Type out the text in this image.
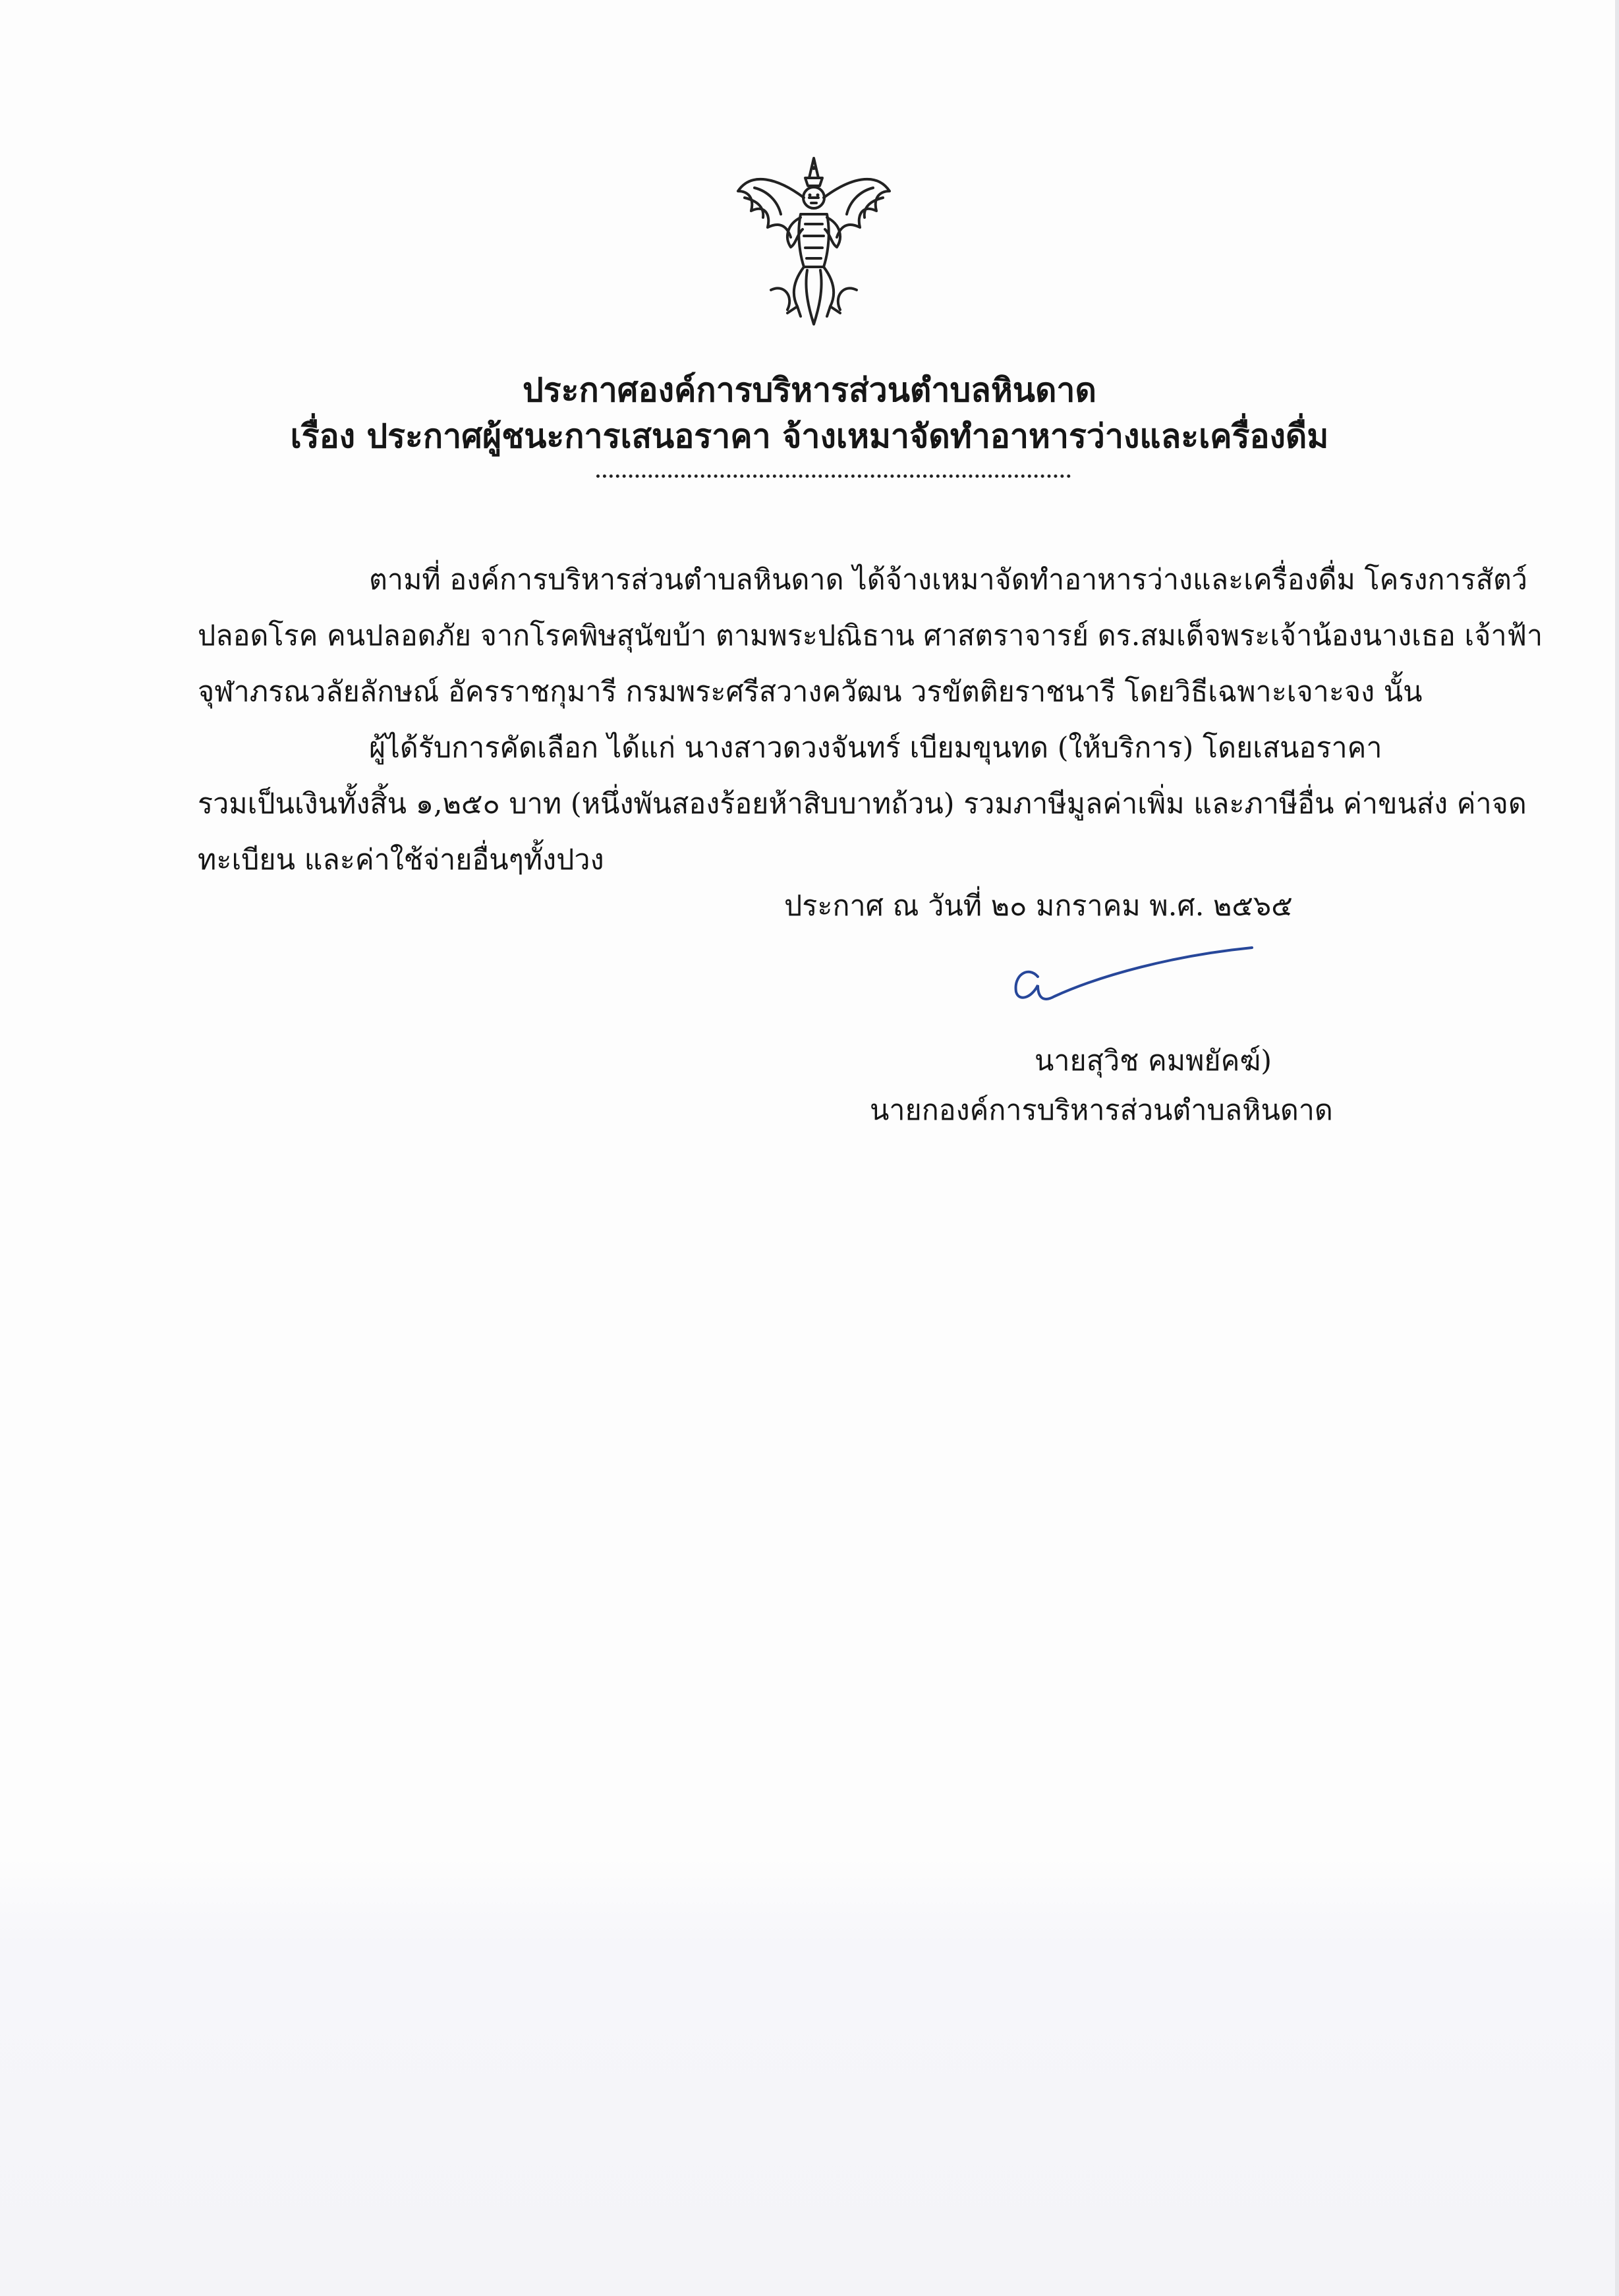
ประกาศองค์การบริหารส่วนตำบลหินดาด
เรื่อง ประกาศผู้ชนะการเสนอราคา จ้างเหมาจัดทำอาหารว่างและเครื่องดื่ม
ตามที่ องค์การบริหารส่วนตำบลหินดาด ได้จ้างเหมาจัดทำอาหารว่างและเครื่องดื่ม โครงการสัตว์
ปลอดโรค คนปลอดภัย จากโรคพิษสุนัขบ้า ตามพระปณิธาน ศาสตราจารย์ ดร.สมเด็จพระเจ้าน้องนางเธอ เจ้าฟ้า
จุฬาภรณวลัยลักษณ์ อัครราชกุมารี กรมพระศรีสวางควัฒน วรขัตติยราชนารี โดยวิธีเฉพาะเจาะจง นั้น
ผู้ได้รับการคัดเลือก ได้แก่ นางสาวดวงจันทร์ เบียมขุนทด (ให้บริการ) โดยเสนอราคา
รวมเป็นเงินทั้งสิ้น ๑,๒๕๐ บาท (หนึ่งพันสองร้อยห้าสิบบาทถ้วน) รวมภาษีมูลค่าเพิ่ม และภาษีอื่น ค่าขนส่ง ค่าจด
ทะเบียน และค่าใช้จ่ายอื่นๆทั้งปวง
ประกาศ ณ วันที่ ๒๐ มกราคม พ.ศ. ๒๕๖๕
นายสุวิช คมพยัคฆ์)
นายกองค์การบริหารส่วนตำบลหินดาด
